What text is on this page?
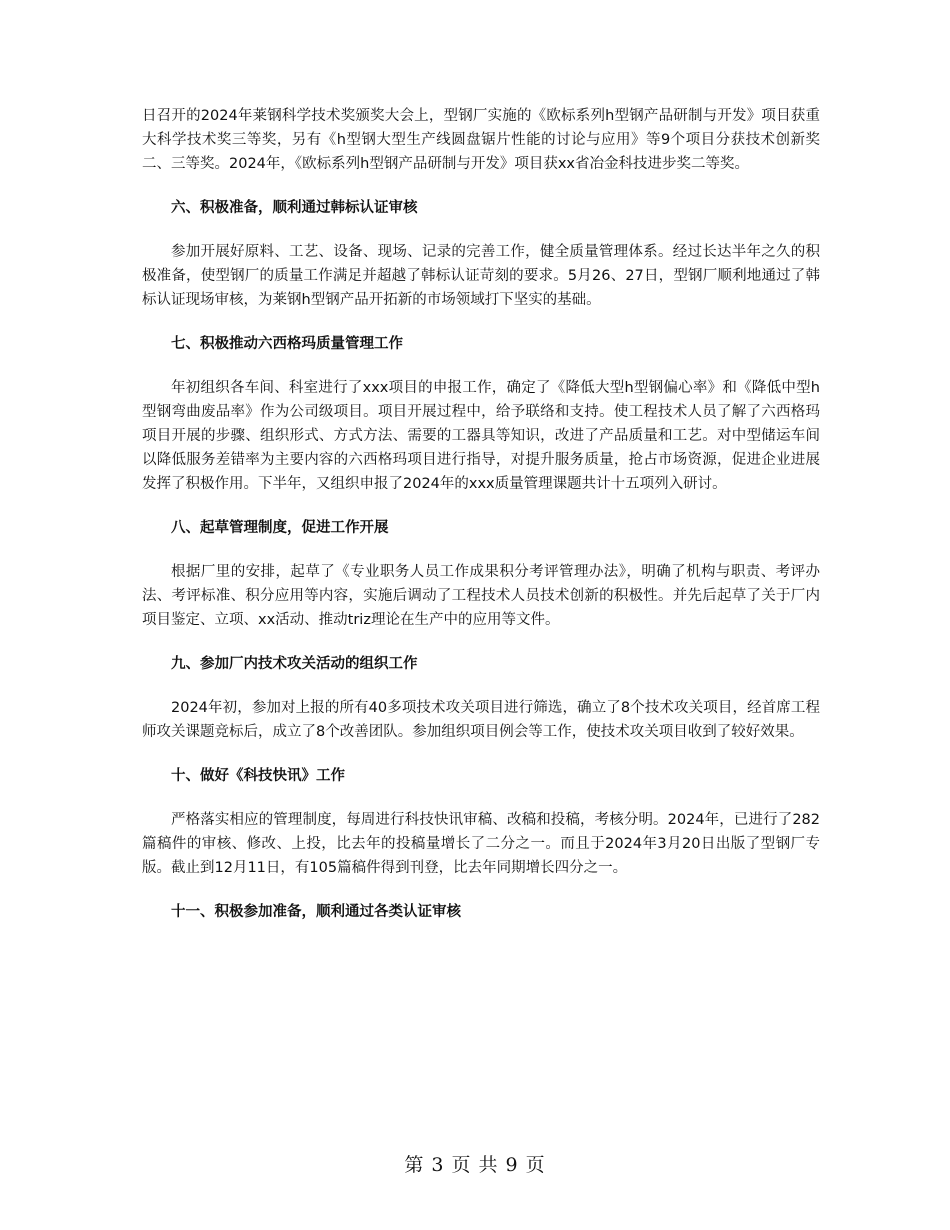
日召开的2024年莱钢科学技术奖颁奖大会上，型钢厂实施的《欧标系列h型钢产品研制与开发》项目获重大科学技术奖三等奖，另有《h型钢大型生产线圆盘锯片性能的讨论与应用》等9个项目分获技术创新奖二、三等奖。2024年，《欧标系列h型钢产品研制与开发》项目获xx省冶金科技进步奖二等奖。

六、积极准备，顺利通过韩标认证审核

参加开展好原料、工艺、设备、现场、记录的完善工作，健全质量管理体系。经过长达半年之久的积极准备，使型钢厂的质量工作满足并超越了韩标认证苛刻的要求。5月26、27日，型钢厂顺利地通过了韩标认证现场审核，为莱钢h型钢产品开拓新的市场领域打下坚实的基础。

七、积极推动六西格玛质量管理工作

年初组织各车间、科室进行了xxx项目的申报工作，确定了《降低大型h型钢偏心率》和《降低中型h型钢弯曲废品率》作为公司级项目。项目开展过程中，给予联络和支持。使工程技术人员了解了六西格玛项目开展的步骤、组织形式、方式方法、需要的工器具等知识，改进了产品质量和工艺。对中型储运车间以降低服务差错率为主要内容的六西格玛项目进行指导，对提升服务质量，抢占市场资源，促进企业进展发挥了积极作用。下半年，又组织申报了2024年的xxx质量管理课题共计十五项列入研讨。

八、起草管理制度，促进工作开展

根据厂里的安排，起草了《专业职务人员工作成果积分考评管理办法》，明确了机构与职责、考评办法、考评标准、积分应用等内容，实施后调动了工程技术人员技术创新的积极性。并先后起草了关于厂内项目鉴定、立项、xx活动、推动triz理论在生产中的应用等文件。

九、参加厂内技术攻关活动的组织工作

2024年初，参加对上报的所有40多项技术攻关项目进行筛选，确立了8个技术攻关项目，经首席工程师攻关课题竞标后，成立了8个改善团队。参加组织项目例会等工作，使技术攻关项目收到了较好效果。

十、做好《科技快讯》工作

严格落实相应的管理制度，每周进行科技快讯审稿、改稿和投稿，考核分明。2024年，已进行了282篇稿件的审核、修改、上投，比去年的投稿量增长了二分之一。而且于2024年3月20日出版了型钢厂专版。截止到12月11日，有105篇稿件得到刊登，比去年同期增长四分之一。

十一、积极参加准备，顺利通过各类认证审核
第 3 页 共 9 页
